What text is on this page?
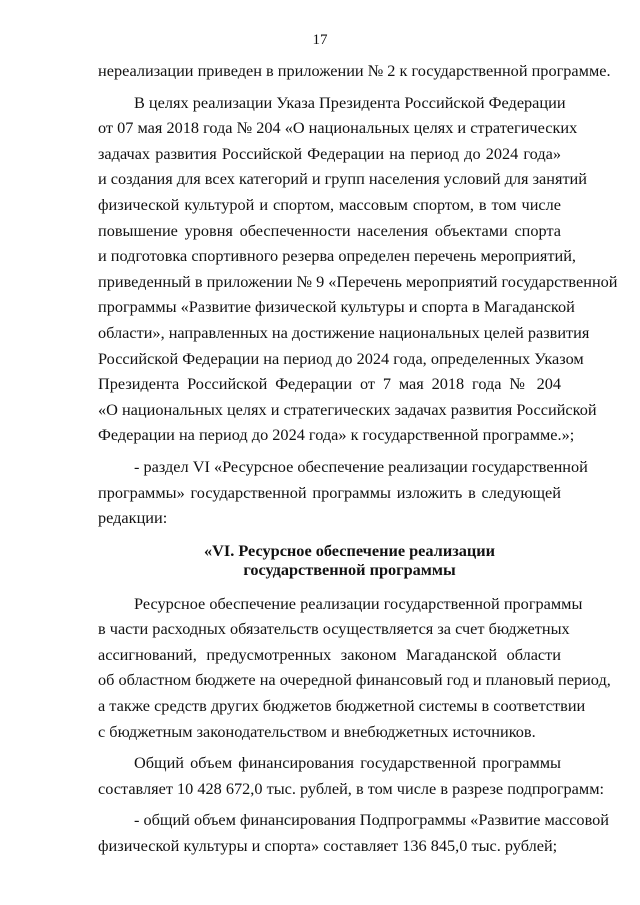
17
нереализации приведен в приложении № 2 к государственной программе.
В целях реализации Указа Президента Российской Федерации
от 07 мая 2018 года № 204 «О национальных целях и стратегических
задачах развития Российской Федерации на период до 2024 года»
и создания для всех категорий и групп населения условий для занятий
физической культурой и спортом, массовым спортом, в том числе
повышение уровня обеспеченности населения объектами спорта
и подготовка спортивного резерва определен перечень мероприятий,
приведенный в приложении № 9 «Перечень мероприятий государственной
программы «Развитие физической культуры и спорта в Магаданской
области», направленных на достижение национальных целей развития
Российской Федерации на период до 2024 года, определенных Указом
Президента Российской Федерации от 7 мая 2018 года № 204
«О национальных целях и стратегических задачах развития Российской
Федерации на период до 2024 года» к государственной программе.»;
- раздел VI «Ресурсное обеспечение реализации государственной
программы» государственной программы изложить в следующей
редакции:
«VI. Ресурсное обеспечение реализации
государственной программы
Ресурсное обеспечение реализации государственной программы
в части расходных обязательств осуществляется за счет бюджетных
ассигнований, предусмотренных законом Магаданской области
об областном бюджете на очередной финансовый год и плановый период,
а также средств других бюджетов бюджетной системы в соответствии
с бюджетным законодательством и внебюджетных источников.
Общий объем финансирования государственной программы
составляет 10 428 672,0 тыс. рублей, в том числе в разрезе подпрограмм:
- общий объем финансирования Подпрограммы «Развитие массовой
физической культуры и спорта» составляет 136 845,0 тыс. рублей;
